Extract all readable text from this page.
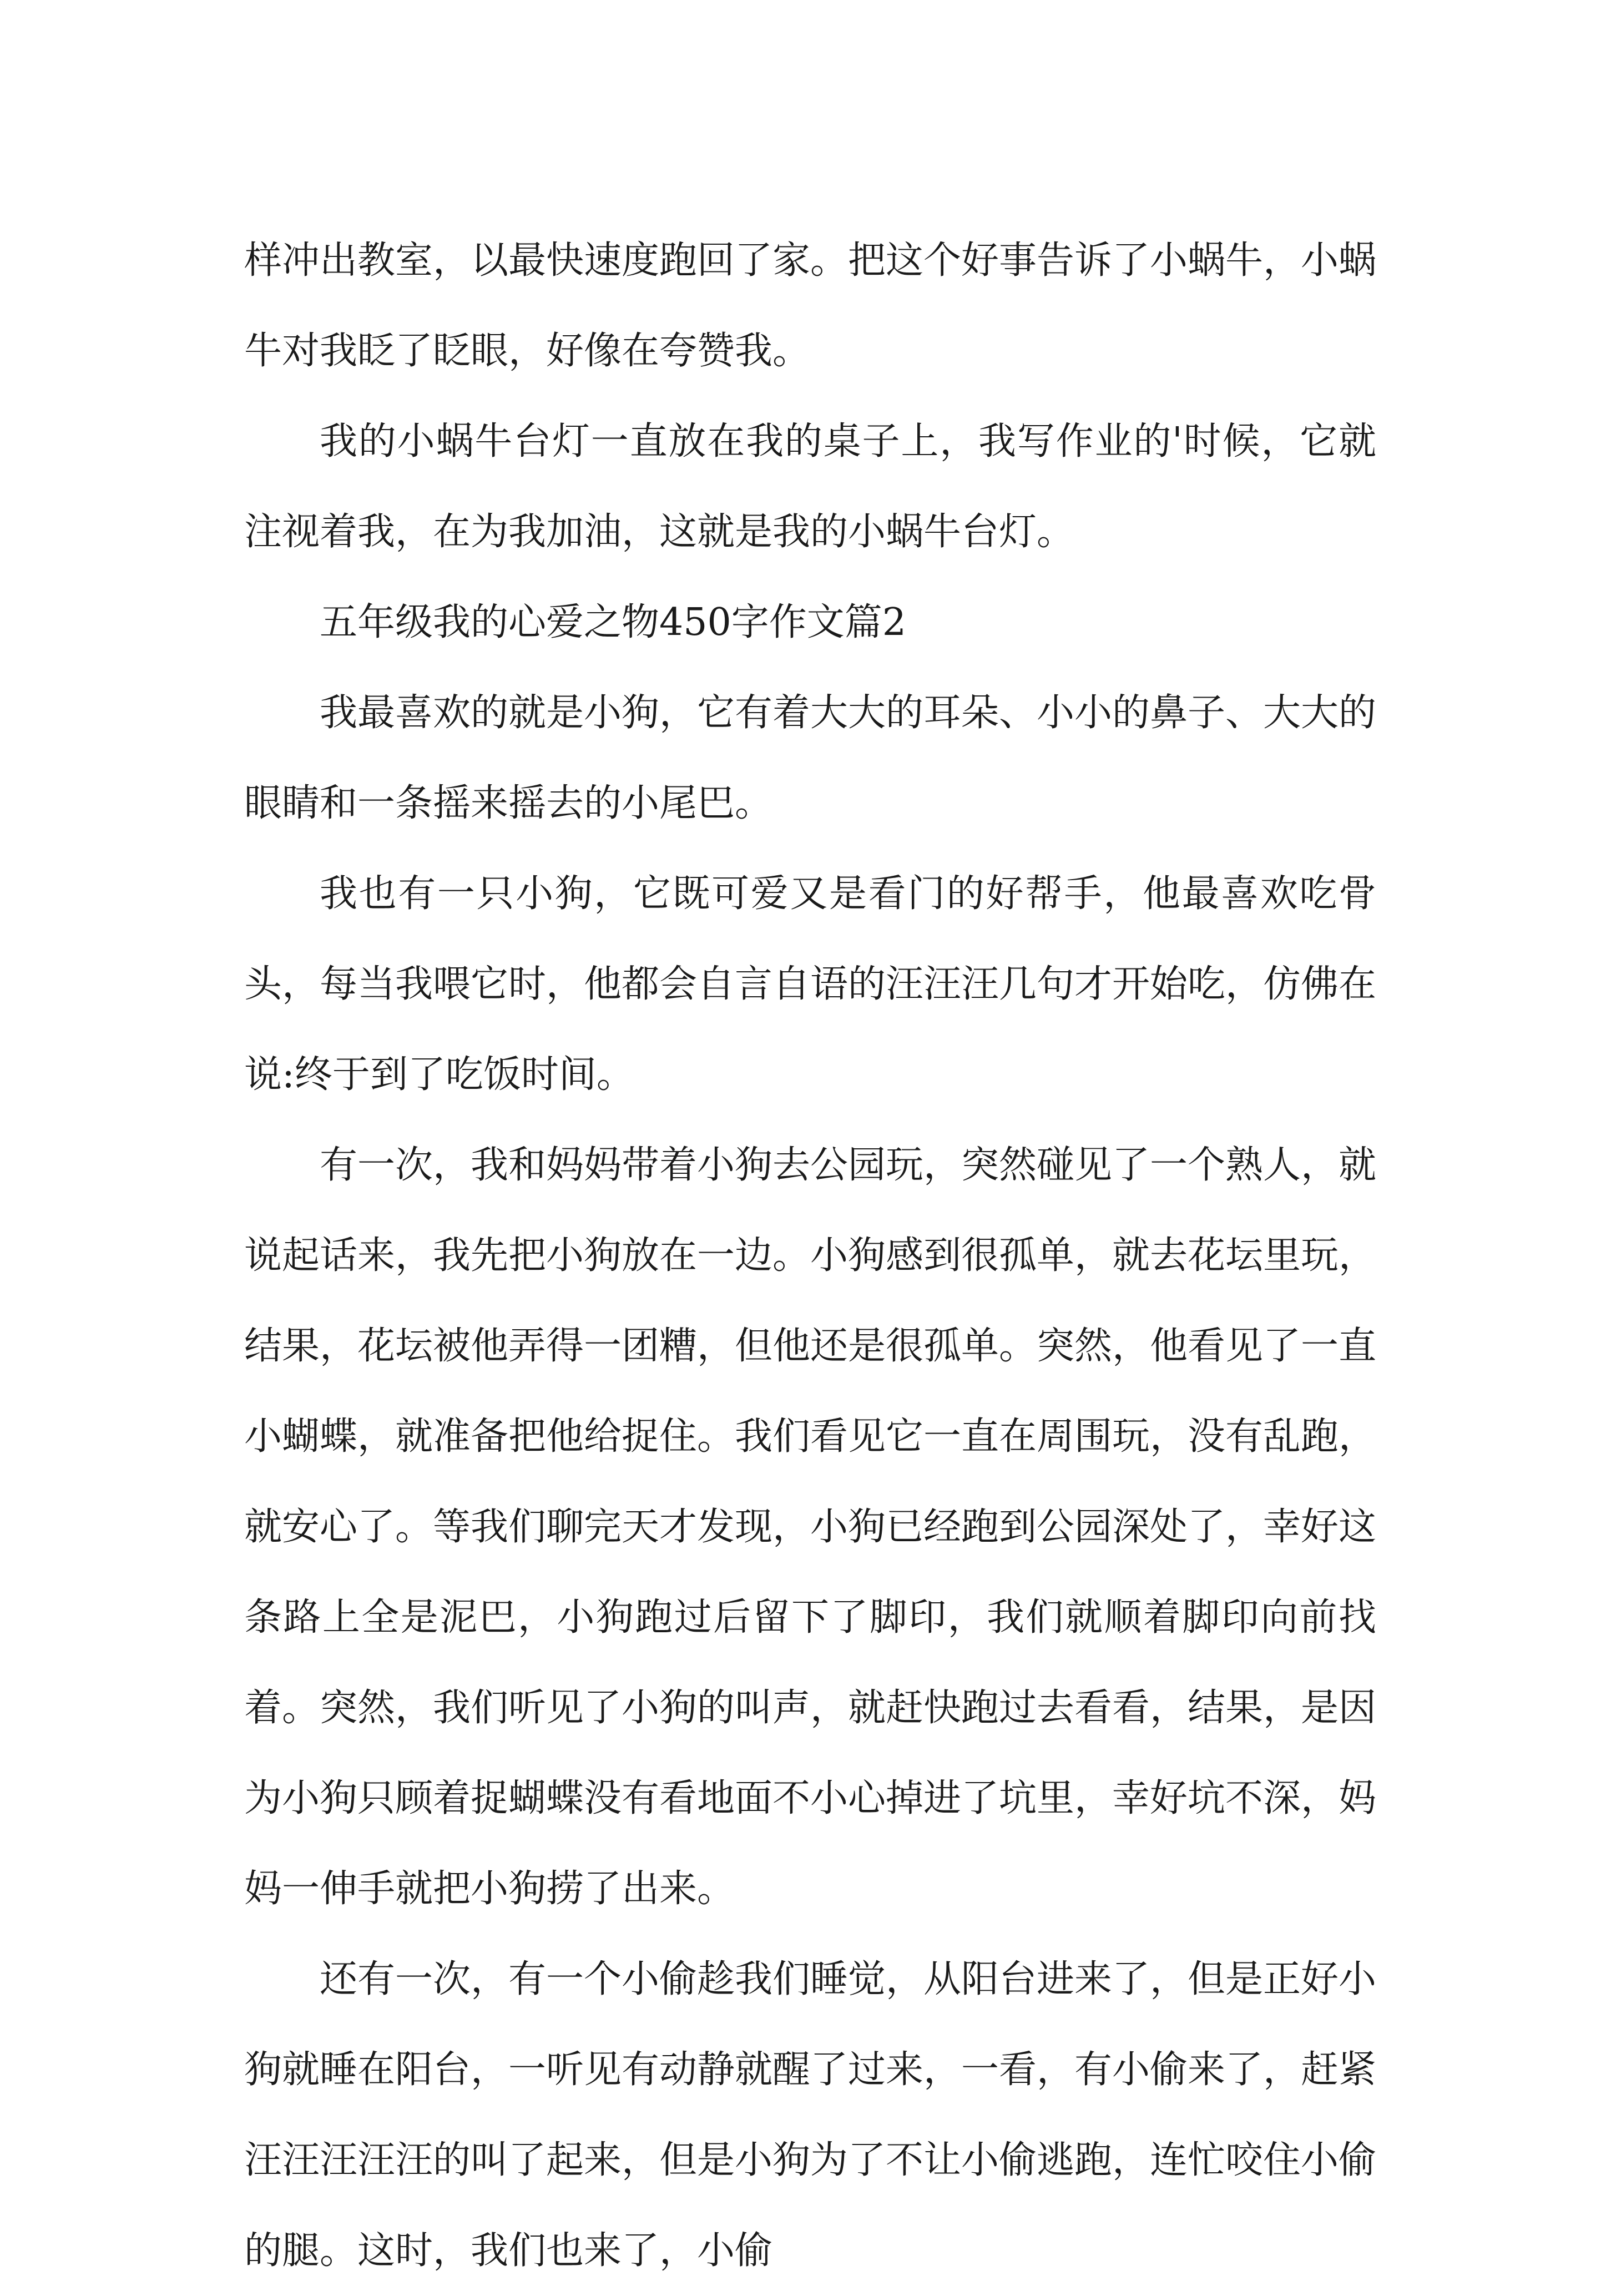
样冲出教室，以最快速度跑回了家。把这个好事告诉了小蜗牛，小蜗牛对我眨了眨眼，好像在夸赞我。

我的小蜗牛台灯一直放在我的桌子上，我写作业的'时候，它就注视着我，在为我加油，这就是我的小蜗牛台灯。

五年级我的心爱之物450字作文篇2

我最喜欢的就是小狗，它有着大大的耳朵、小小的鼻子、大大的眼睛和一条摇来摇去的小尾巴。

我也有一只小狗，它既可爱又是看门的好帮手，他最喜欢吃骨头，每当我喂它时，他都会自言自语的汪汪汪几句才开始吃，仿佛在说:终于到了吃饭时间。

有一次，我和妈妈带着小狗去公园玩，突然碰见了一个熟人，就说起话来，我先把小狗放在一边。小狗感到很孤单，就去花坛里玩，结果，花坛被他弄得一团糟，但他还是很孤单。突然，他看见了一直小蝴蝶，就准备把他给捉住。我们看见它一直在周围玩，没有乱跑，就安心了。等我们聊完天才发现，小狗已经跑到公园深处了，幸好这条路上全是泥巴，小狗跑过后留下了脚印，我们就顺着脚印向前找着。突然，我们听见了小狗的叫声，就赶快跑过去看看，结果，是因为小狗只顾着捉蝴蝶没有看地面不小心掉进了坑里，幸好坑不深，妈妈一伸手就把小狗捞了出来。

还有一次，有一个小偷趁我们睡觉，从阳台进来了，但是正好小狗就睡在阳台，一听见有动静就醒了过来，一看，有小偷来了，赶紧汪汪汪汪汪的叫了起来，但是小狗为了不让小偷逃跑，连忙咬住小偷的腿。这时，我们也来了，小偷
